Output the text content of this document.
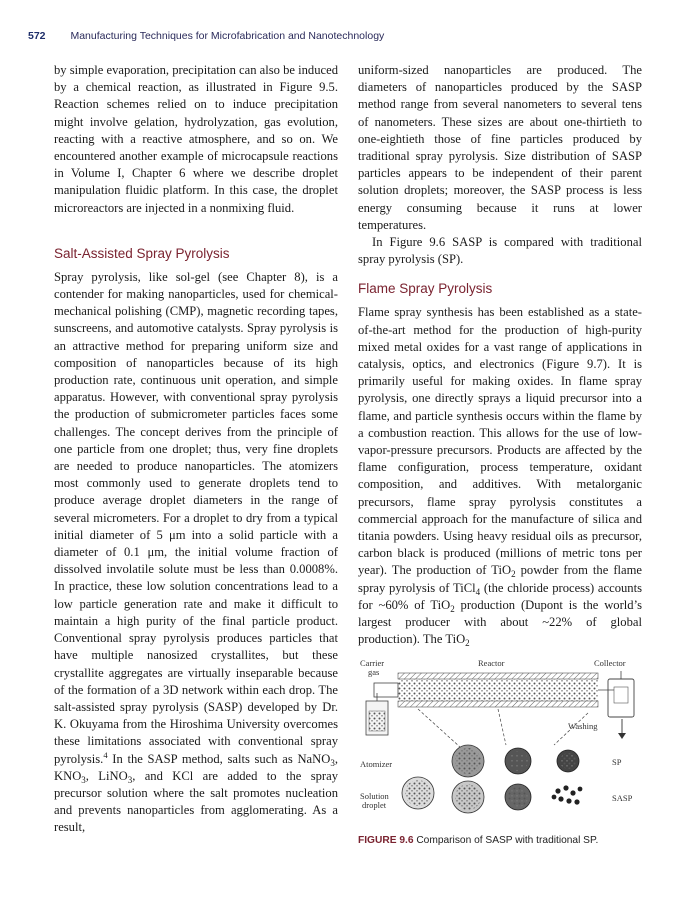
572 Manufacturing Techniques for Microfabrication and Nanotechnology

by simple evaporation, precipitation can also be induced by a chemical reaction, as illustrated in Figure 9.5. Reaction schemes relied on to induce precipitation might involve gelation, hydrolyzation, gas evolution, reacting with a reactive atmosphere, and so on. We encountered another example of microcapsule reactions in Volume I, Chapter 6 where we describe droplet manipulation fluidic platform. In this case, the droplet microreactors are injected in a nonmixing fluid.

Salt-Assisted Spray Pyrolysis

Spray pyrolysis, like sol-gel (see Chapter 8), is a contender for making nanoparticles, used for chemical-mechanical polishing (CMP), magnetic recording tapes, sunscreens, and automotive catalysts. Spray pyrolysis is an attractive method for preparing uniform size and composition of nanoparticles because of its high production rate, continuous unit operation, and simple apparatus. However, with conventional spray pyrolysis the production of submicrometer particles faces some challenges. The concept derives from the principle of one particle from one droplet; thus, very fine droplets are needed to produce nanoparticles. The atomizers most commonly used to generate droplets tend to produce average droplet diameters in the range of several micrometers. For a droplet to dry from a typical initial diameter of 5 μm into a solid particle with a diameter of 0.1 μm, the initial volume fraction of dissolved involatile solute must be less than 0.0008%. In practice, these low solution concentrations lead to a low particle generation rate and make it difficult to maintain a high purity of the final particle product. Conventional spray pyrolysis produces particles that have multiple nanosized crystallites, but these crystallite aggregates are virtually inseparable because of the formation of a 3D network within each drop. The salt-assisted spray pyrolysis (SASP) developed by Dr. K. Okuyama from the Hiroshima University overcomes these limitations associated with conventional spray pyrolysis.$^4$ In the SASP method, salts such as NaNO$_3$, $KNO_3$, LiNO$_3$, and KCl are added to the spray precursor solution where the salt promotes nucleation and prevents nanoparticles from agglomerating. As a result,

uniform-sized nanoparticles are produced. The diameters of nanoparticles produced by the SASP method range from several nanometers to several tens of nanometers. These sizes are about one-thirtieth to one-eightieth those of fine particles produced by traditional spray pyrolysis. Size distribution of SASP particles appears to be independent of their parent solution droplets; moreover, the SASP process is less energy consuming because it runs at lower temperatures.

In Figure 9.6 SASP is compared with traditional spray pyrolysis (SP).

Flame Spray Pyrolysis

Flame spray synthesis has been established as a state-of-the-art method for the production of high-purity mixed metal oxides for a vast range of applications in catalysis, optics, and electronics (Figure 9.7). It is primarily useful for making oxides. In flame spray pyrolysis, one directly sprays a liquid precursor into a flame, and particle synthesis occurs within the flame by a combustion reaction. This allows for the use of low-vapor-pressure precursors. Products are affected by the flame configuration, process temperature, oxidant composition, and additives. With metalorganic precursors, flame spray pyrolysis constitutes a commercial approach for the manufacture of silica and titania powders. Using heavy residual oils as precursor, carbon black is produced (millions of metric tons per year). The production of TiO$_2$ powder from the flame spray pyrolysis of TiCl$_4$ (the chloride process) accounts for ~60% of TiO$_2$ production (Dupont is the world’s largest producer with about ~22% of global production). The TiO$_2$

Carrier
gas
Reactor	Collector
Washing
Atomizer
Solution
droplet
SP
SASP
FIGURE 9.6 Comparison of SASP with traditional SP.
